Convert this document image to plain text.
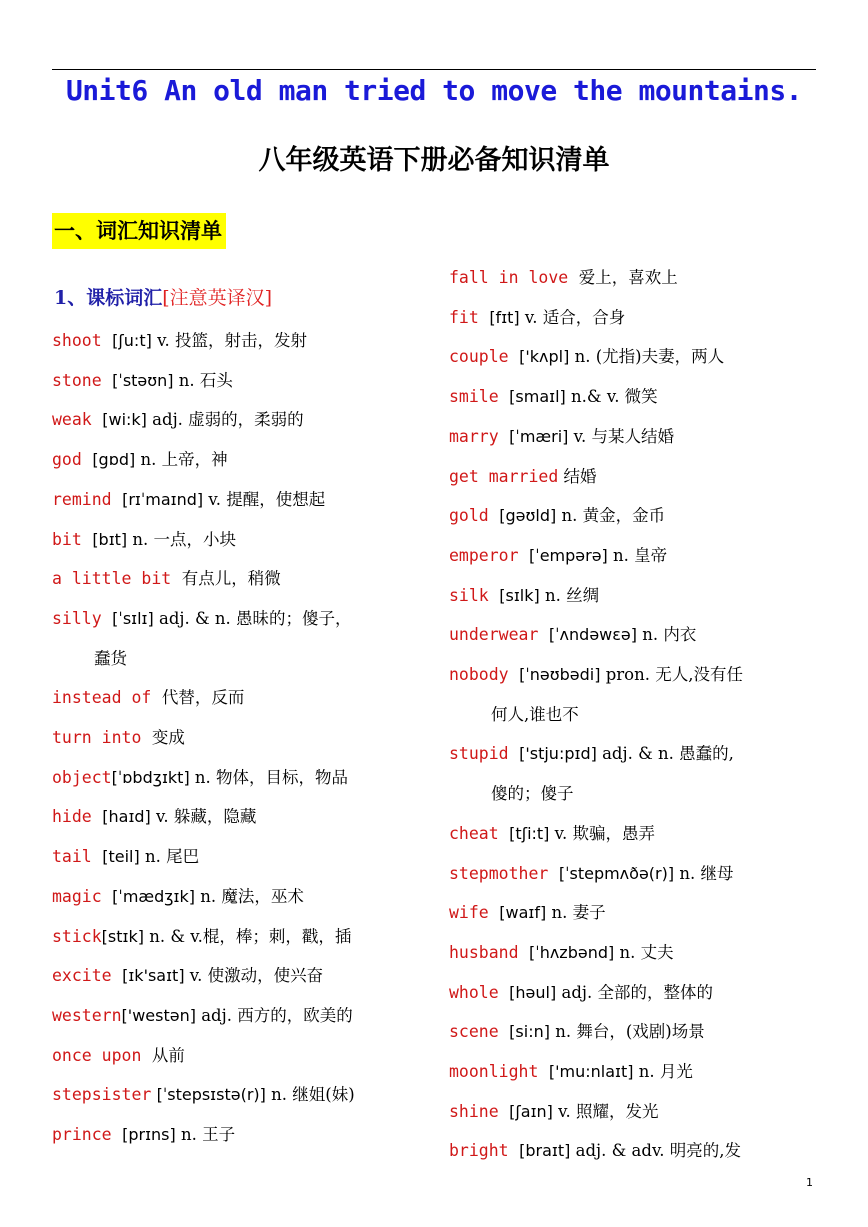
Unit6 An old man tried to move the mountains.
八年级英语下册必备知识清单
一、词汇知识清单
1、课标词汇[注意英译汉]
shoot [ʃu:t] v. 投篮，射击，发射
stone [ˈstəʊn] n. 石头
weak [wi:k] adj. 虚弱的，柔弱的
god [gɒd] n. 上帝，神
remind [rɪˈmaɪnd] v. 提醒，使想起
bit [bɪt] n. 一点，小块
a little bit 有点儿，稍微
silly [ˈsɪlɪ] adj. & n. 愚昧的；傻子，
蠢货
instead of 代替，反而
turn into 变成
object[ˈɒbdʒɪkt] n. 物体，目标，物品
hide [haɪd] v. 躲藏，隐藏
tail [teil] n. 尾巴
magic [ˈmædʒɪk] n. 魔法，巫术
stick[stɪk] n. & v.棍，棒；刺，戳，插
excite [ɪk'saɪt] v. 使激动，使兴奋
western['westən] adj. 西方的，欧美的
once upon 从前
stepsister [ˈstepsɪstə(r)] n. 继姐(妹)
prince [prɪns] n. 王子
fall in love 爱上，喜欢上
fit [fɪt] v. 适合，合身
couple ['kʌpl] n. (尤指)夫妻，两人
smile [smaɪl] n.& v. 微笑
marry [ˈmæri] v. 与某人结婚
get married 结婚
gold [gəʊld] n. 黄金，金币
emperor [ˈempərə] n. 皇帝
silk [sɪlk] n. 丝绸
underwear [ˈʌndəwɛə] n. 内衣
nobody [ˈnəʊbədi] pron. 无人,没有任
何人,谁也不
stupid ['stju:pɪd] adj. & n. 愚蠢的,
傻的；傻子
cheat [tʃi:t] v. 欺骗，愚弄
stepmother [ˈstepmʌðə(r)] n. 继母
wife [waɪf] n. 妻子
husband [ˈhʌzbənd] n. 丈夫
whole [həul] adj. 全部的，整体的
scene [si:n] n. 舞台，(戏剧)场景
moonlight ['mu:nlaɪt] n. 月光
shine [ʃaɪn] v. 照耀，发光
bright [braɪt] adj. & adv. 明亮的,发
1
